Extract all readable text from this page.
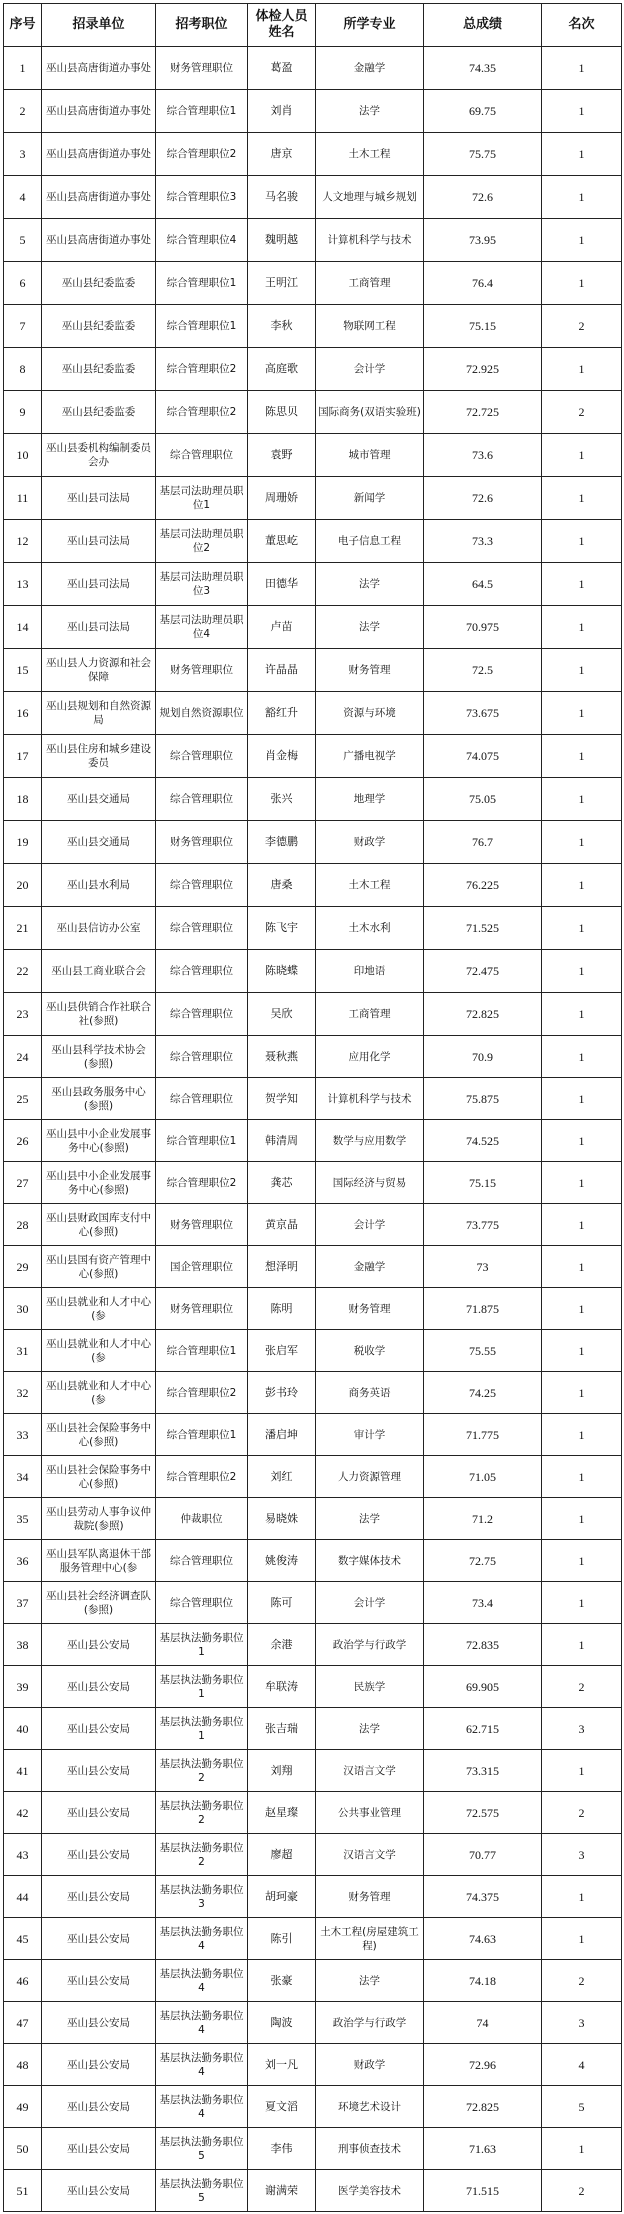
序号	招录单位	招考职位	体检人员姓名	所学专业	总成绩	名次
1	巫山县高唐街道办事处	财务管理职位	葛盈	金融学	74.35	1
2	巫山县高唐街道办事处	综合管理职位1	刘肖	法学	69.75	1
3	巫山县高唐街道办事处	综合管理职位2	唐京	土木工程	75.75	1
4	巫山县高唐街道办事处	综合管理职位3	马名骏	人文地理与城乡规划	72.6	1
5	巫山县高唐街道办事处	综合管理职位4	魏明越	计算机科学与技术	73.95	1
6	巫山县纪委监委	综合管理职位1	王明江	工商管理	76.4	1
7	巫山县纪委监委	综合管理职位1	李秋	物联网工程	75.15	2
8	巫山县纪委监委	综合管理职位2	高庭歌	会计学	72.925	1
9	巫山县纪委监委	综合管理职位2	陈思贝	国际商务(双语实验班)	72.725	2
10	巫山县委机构编制委员会办	综合管理职位	袁野	城市管理	73.6	1
11	巫山县司法局	基层司法助理员职位1	周珊娇	新闻学	72.6	1
12	巫山县司法局	基层司法助理员职位2	董思屹	电子信息工程	73.3	1
13	巫山县司法局	基层司法助理员职位3	田德华	法学	64.5	1
14	巫山县司法局	基层司法助理员职位4	卢苗	法学	70.975	1
15	巫山县人力资源和社会保障	财务管理职位	许晶晶	财务管理	72.5	1
16	巫山县规划和自然资源局	规划自然资源职位	豁红升	资源与环境	73.675	1
17	巫山县住房和城乡建设委员	综合管理职位	肖金梅	广播电视学	74.075	1
18	巫山县交通局	综合管理职位	张兴	地理学	75.05	1
19	巫山县交通局	财务管理职位	李德鹏	财政学	76.7	1
20	巫山县水利局	综合管理职位	唐桑	土木工程	76.225	1
21	巫山县信访办公室	综合管理职位	陈飞宇	土木水利	71.525	1
22	巫山县工商业联合会	综合管理职位	陈晓蝶	印地语	72.475	1
23	巫山县供销合作社联合社(参照)	综合管理职位	吴欣	工商管理	72.825	1
24	巫山县科学技术协会(参照)	综合管理职位	聂秋燕	应用化学	70.9	1
25	巫山县政务服务中心(参照)	综合管理职位	贺学知	计算机科学与技术	75.875	1
26	巫山县中小企业发展事务中心(参照)	综合管理职位1	韩清周	数学与应用数学	74.525	1
27	巫山县中小企业发展事务中心(参照)	综合管理职位2	龚芯	国际经济与贸易	75.15	1
28	巫山县财政国库支付中心(参照)	财务管理职位	黄京晶	会计学	73.775	1
29	巫山县国有资产管理中心(参照)	国企管理职位	想泽明	金融学	73	1
30	巫山县就业和人才中心(参	财务管理职位	陈明	财务管理	71.875	1
31	巫山县就业和人才中心(参	综合管理职位1	张启军	税收学	75.55	1
32	巫山县就业和人才中心(参	综合管理职位2	彭书玲	商务英语	74.25	1
33	巫山县社会保险事务中心(参照)	综合管理职位1	潘启坤	审计学	71.775	1
34	巫山县社会保险事务中心(参照)	综合管理职位2	刘红	人力资源管理	71.05	1
35	巫山县劳动人事争议仲裁院(参照)	仲裁职位	易晓姝	法学	71.2	1
36	巫山县军队离退休干部服务管理中心(参	综合管理职位	姚俊涛	数字媒体技术	72.75	1
37	巫山县社会经济调查队(参照)	综合管理职位	陈可	会计学	73.4	1
38	巫山县公安局	基层执法勤务职位1	余港	政治学与行政学	72.835	1
39	巫山县公安局	基层执法勤务职位1	牟联涛	民族学	69.905	2
40	巫山县公安局	基层执法勤务职位1	张吉瑞	法学	62.715	3
41	巫山县公安局	基层执法勤务职位2	刘翔	汉语言文学	73.315	1
42	巫山县公安局	基层执法勤务职位2	赵星璨	公共事业管理	72.575	2
43	巫山县公安局	基层执法勤务职位2	廖超	汉语言文学	70.77	3
44	巫山县公安局	基层执法勤务职位3	胡珂豪	财务管理	74.375	1
45	巫山县公安局	基层执法勤务职位4	陈引	土木工程(房屋建筑工程)	74.63	1
46	巫山县公安局	基层执法勤务职位4	张豪	法学	74.18	2
47	巫山县公安局	基层执法勤务职位4	陶波	政治学与行政学	74	3
48	巫山县公安局	基层执法勤务职位4	刘一凡	财政学	72.96	4
49	巫山县公安局	基层执法勤务职位4	夏文滔	环境艺术设计	72.825	5
50	巫山县公安局	基层执法勤务职位5	李伟	刑事侦查技术	71.63	1
51	巫山县公安局	基层执法勤务职位5	谢满荣	医学美容技术	71.515	2
